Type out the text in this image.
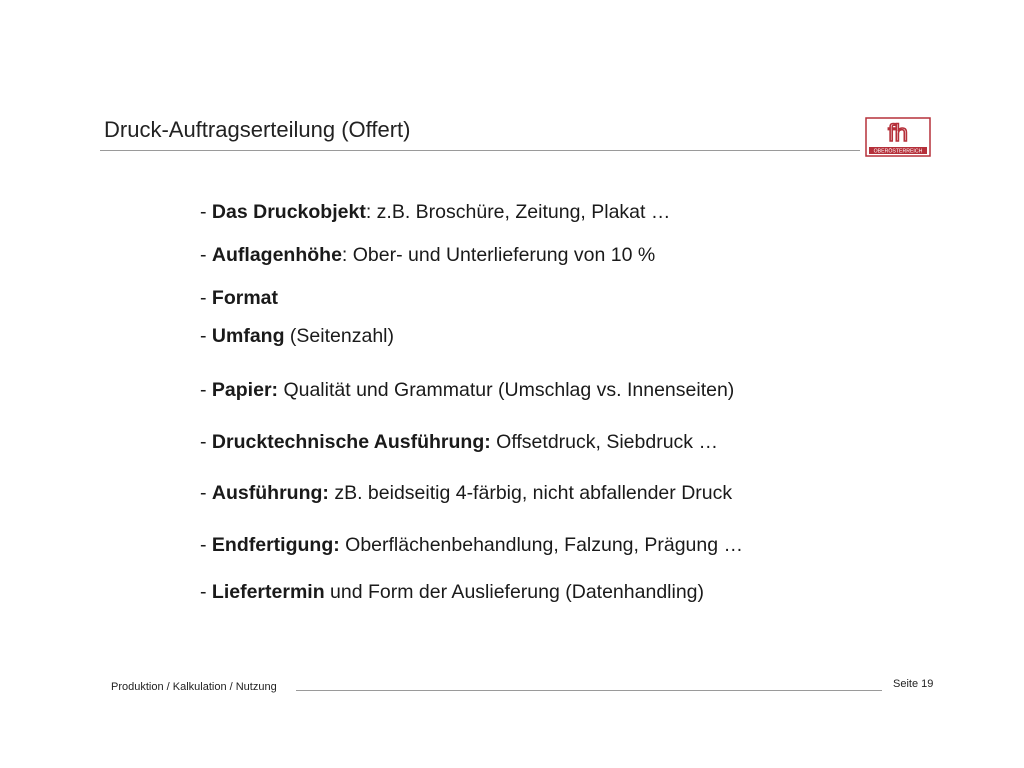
Druck-Auftragserteilung (Offert)	fh
OBERÖSTERREICH
- Das Druckobjekt: z.B. Broschüre, Zeitung, Plakat …
- Auflagenhöhe: Ober- und Unterlieferung von 10 %
- Format
- Umfang (Seitenzahl)
- Papier: Qualität und Grammatur (Umschlag vs. Innenseiten)
- Drucktechnische Ausführung: Offsetdruck, Siebdruck …
- Ausführung: zB. beidseitig 4-färbig, nicht abfallender Druck
- Endfertigung: Oberflächenbehandlung, Falzung, Prägung …
- Liefertermin und Form der Auslieferung (Datenhandling)
Produktion / Kalkulation / Nutzung	Seite 19
